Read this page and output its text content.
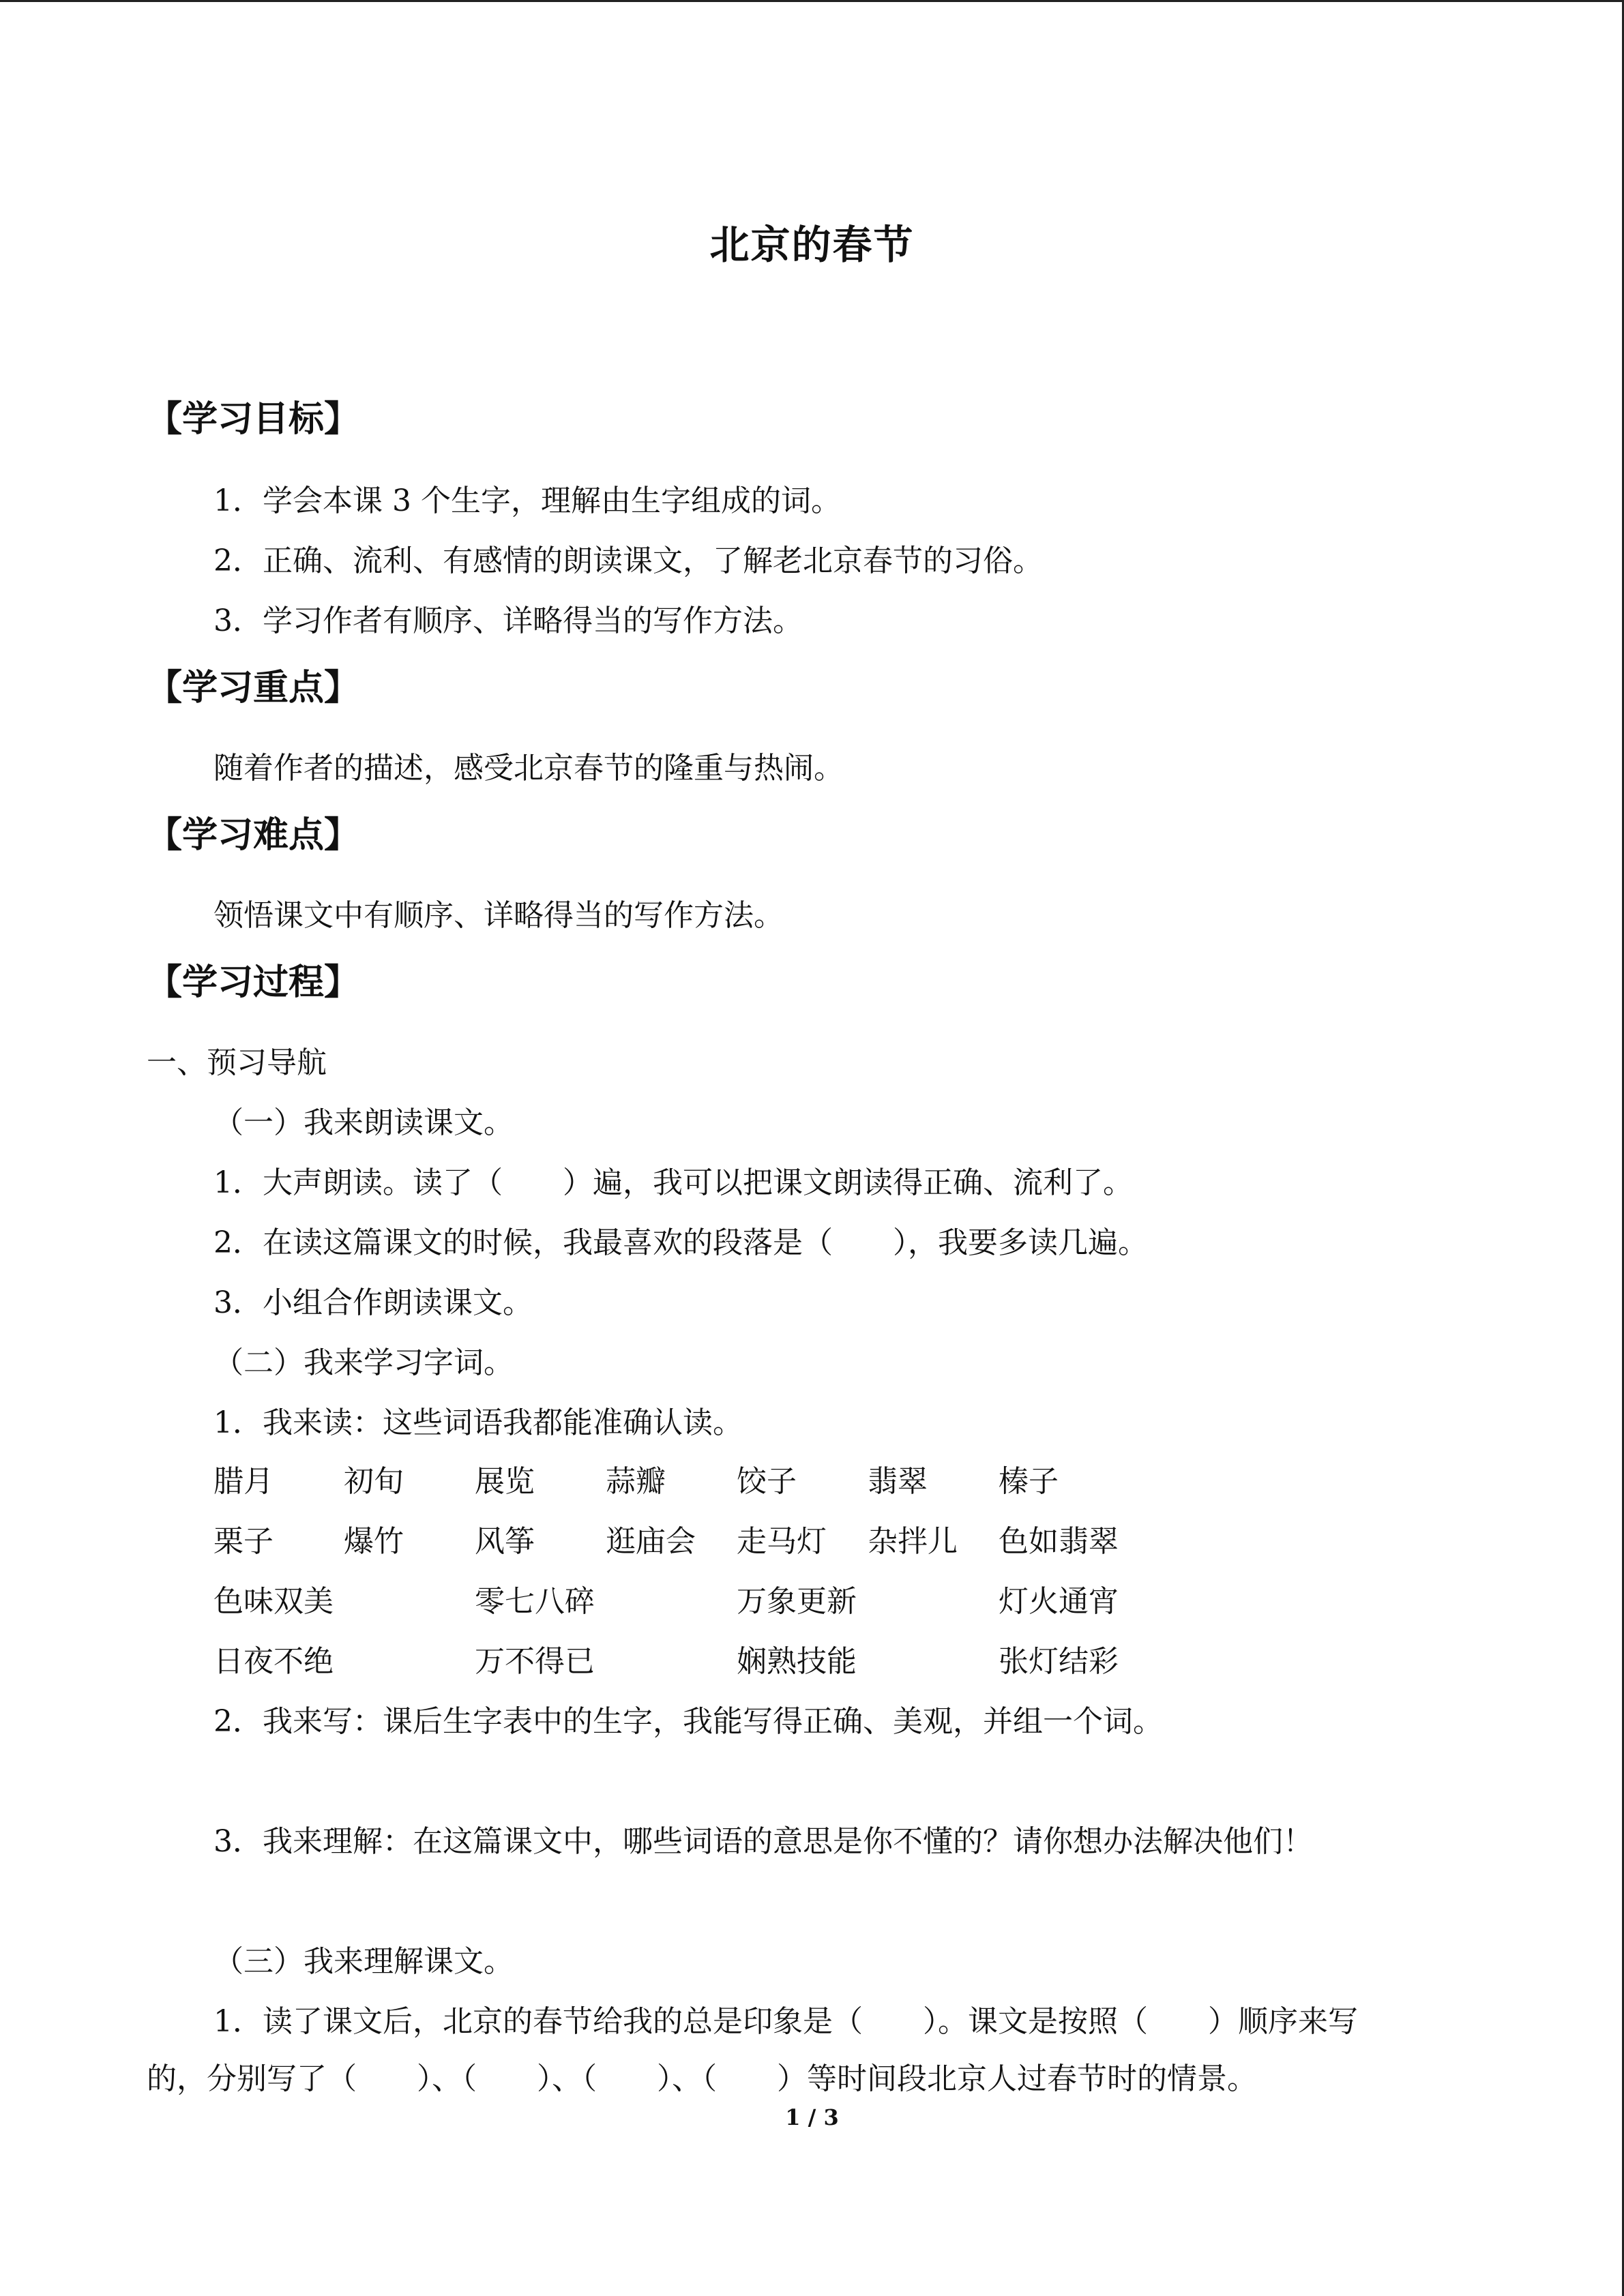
北京的春节
【学习目标】
1．学会本课 3 个生字，理解由生字组成的词。
2．正确、流利、有感情的朗读课文，了解老北京春节的习俗。
3．学习作者有顺序、详略得当的写作方法。
【学习重点】
随着作者的描述，感受北京春节的隆重与热闹。
【学习难点】
领悟课文中有顺序、详略得当的写作方法。
【学习过程】
一、预习导航
（一）我来朗读课文。
1．大声朗读。读了（　　）遍，我可以把课文朗读得正确、流利了。
2．在读这篇课文的时候，我最喜欢的段落是（　　），我要多读几遍。
3．小组合作朗读课文。
（二）我来学习字词。
1．我来读：这些词语我都能准确认读。
腊月 初旬 展览 蒜瓣 饺子 翡翠 榛子
栗子 爆竹 风筝 逛庙会 走马灯 杂拌儿 色如翡翠
色味双美	零七八碎	万象更新	灯火通宵
日夜不绝	万不得已	娴熟技能	张灯结彩
2．我来写：课后生字表中的生字，我能写得正确、美观，并组一个词。
3．我来理解：在这篇课文中，哪些词语的意思是你不懂的？请你想办法解决他们！
（三）我来理解课文。
1．读了课文后，北京的春节给我的总是印象是（　　）。课文是按照（　　）顺序来写
的，分别写了（　　）、（　　）、（　　）、（　　）等时间段北京人过春节时的情景。
1 / 3
